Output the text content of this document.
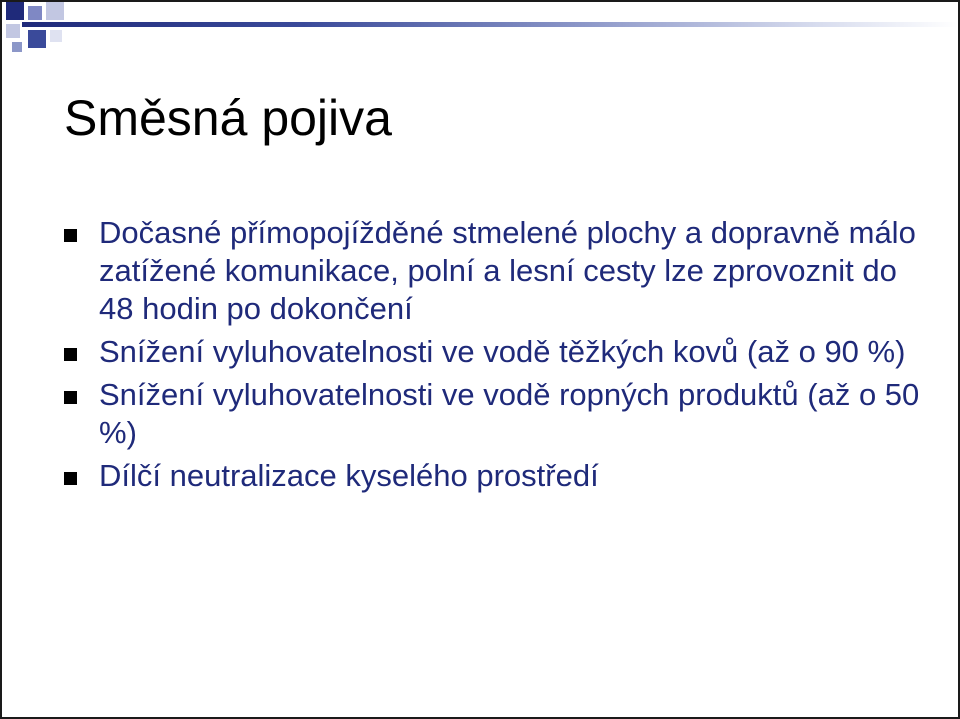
Směsná pojiva
Dočasné přímopojížděné stmelené plochy a dopravně málo zatížené komunikace, polní a lesní cesty lze zprovoznit do 48 hodin po dokončení
Snížení vyluhovatelnosti ve vodě těžkých kovů (až o 90 %)
Snížení vyluhovatelnosti ve vodě ropných produktů (až o 50 %)
Dílčí neutralizace kyselého prostředí
